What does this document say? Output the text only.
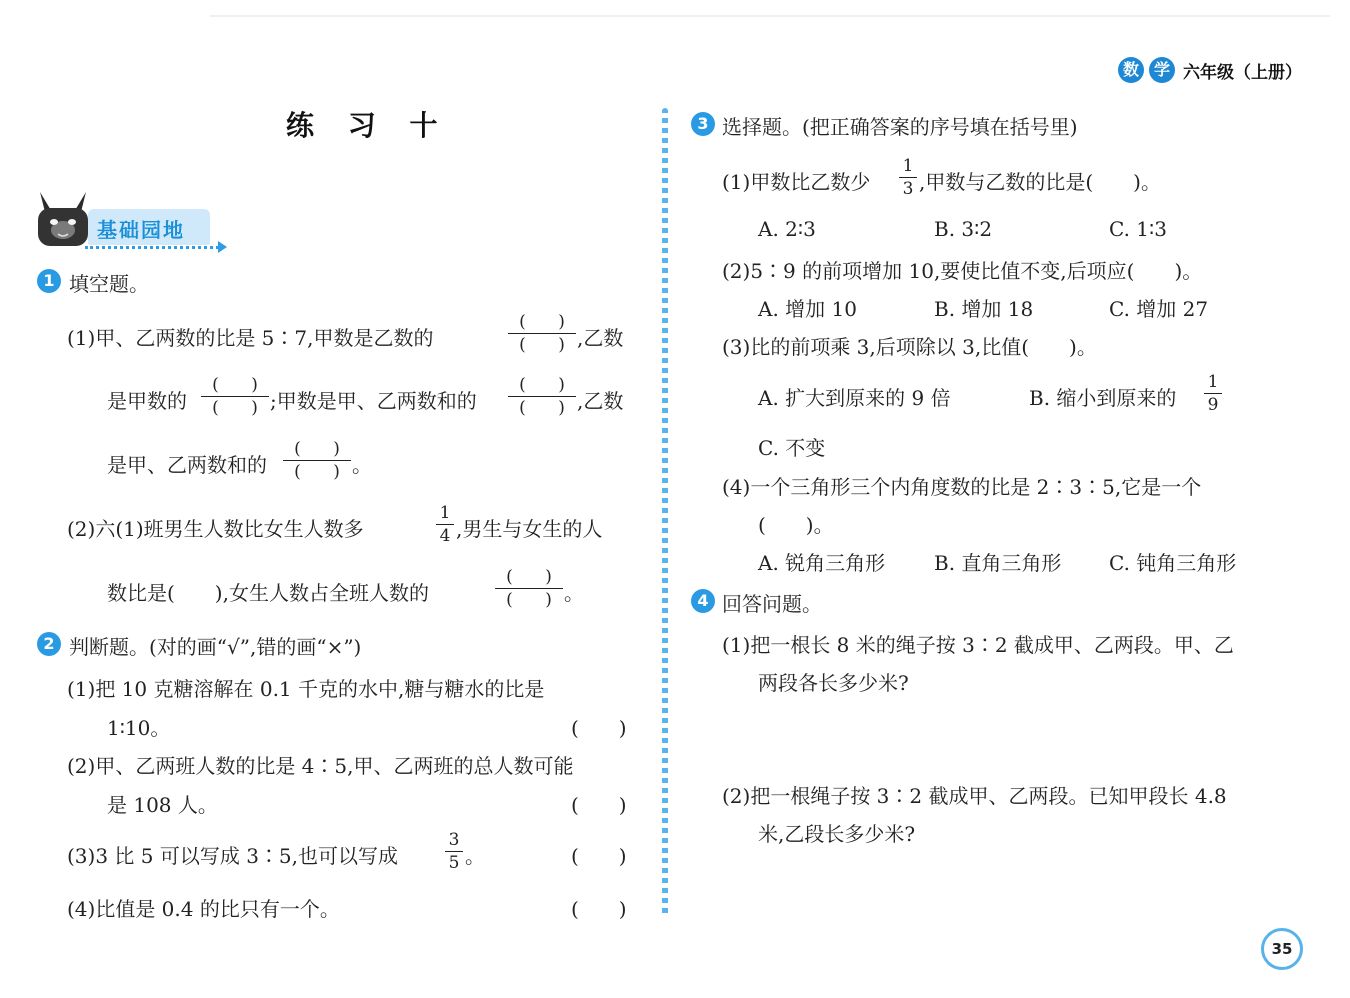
数 学 六年级（上册）
练 习 十
基础园地
1 填空题。
(1)甲、乙两数的比是 5∶7,甲数是乙数的
( )
( ) ,乙数
是甲数的
( )
( ) ;甲数是甲、乙两数和的
( )
( ) ,乙数
是甲、乙两数和的
( )
( ) 。
(2)六(1)班男生人数比女生人数多
1
4 ,男生与女生的人
数比是(　　),女生人数占全班人数的
( )
( ) 。
2 判断题。(对的画“√”,错的画“×”)
(1)把 10 克糖溶解在 0.1 千克的水中,糖与糖水的比是
1∶10。	(　　)
(2)甲、乙两班人数的比是 4∶5,甲、乙两班的总人数可能
是 108 人。	(　　)
(3)3 比 5 可以写成 3∶5,也可以写成
3
5 。	(　　)
(4)比值是 0.4 的比只有一个。	(　　)
3 选择题。(把正确答案的序号填在括号里)
(1)甲数比乙数少
1
3 ,甲数与乙数的比是(　　)。
A. 2∶3	B. 3∶2	C. 1∶3
(2)5∶9 的前项增加 10,要使比值不变,后项应(　　)。
A. 增加 10	B. 增加 18	C. 增加 27
(3)比的前项乘 3,后项除以 3,比值(　　)。
A. 扩大到原来的 9 倍	B. 缩小到原来的
1
9
C. 不变
(4)一个三角形三个内角度数的比是 2∶3∶5,它是一个
(　　)。
A. 锐角三角形 B. 直角三角形 C. 钝角三角形
4 回答问题。
(1)把一根长 8 米的绳子按 3∶2 截成甲、乙两段。甲、乙
两段各长多少米?
(2)把一根绳子按 3∶2 截成甲、乙两段。已知甲段长 4.8
米,乙段长多少米?
35
